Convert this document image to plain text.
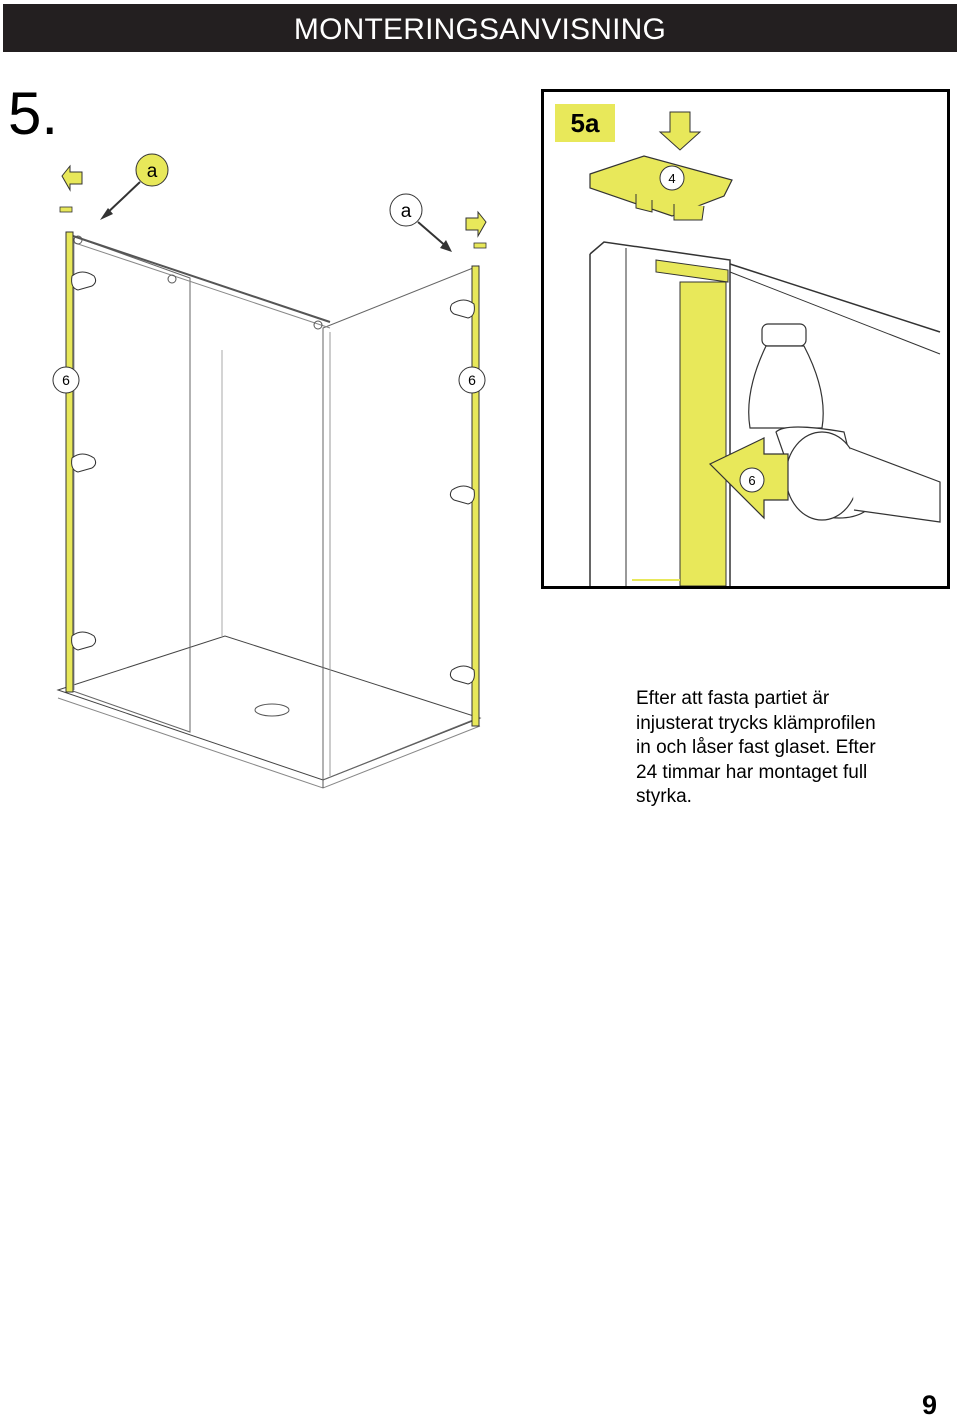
MONTERINGSANVISNING
5.
a
a
6	6
5a
4
6
Efter att fasta partiet är
injusterat trycks klämprofilen
in och låser fast glaset. Efter
24 timmar har montaget full
styrka.
9
